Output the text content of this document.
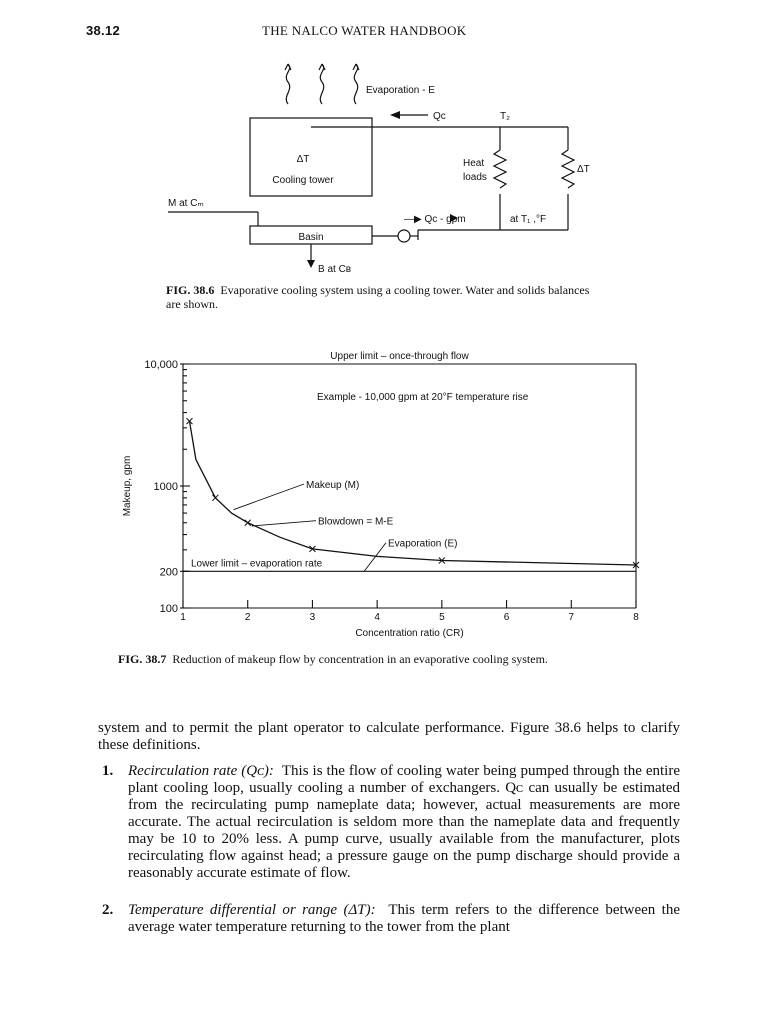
38.12	THE NALCO WATER HANDBOOK
Evaporation - E
Qᴄ	T₂
ΔT
Cooling tower
Heat
loads
ΔT
M at Cₘ
—▶ Qᴄ - gpm	at T₁ ,°F
Basin
B at Cʙ
FIG. 38.6 Evaporative cooling system using a cooling tower. Water and solids balances are shown.
1	2	3	4	5	6	7	8
100
200
1000
10,000
Concentration ratio (CR)
Makeup, gpm
Upper limit – once-through flow
Lower limit – evaporation rate
Example - 10,000 gpm at 20°F temperature rise
Makeup (M)
Blowdown = M-E
Evaporation (E)
FIG. 38.7 Reduction of makeup flow by concentration in an evaporative cooling system.
system and to permit the plant operator to calculate performance. Figure 38.6 helps to clarify these definitions.
1. Recirculation rate (Qᴄ): This is the flow of cooling water being pumped through the entire plant cooling loop, usually cooling a number of exchangers. Qᴄ can usually be estimated from the recirculating pump nameplate data; however, actual measurements are more accurate. The actual recirculation is seldom more than the nameplate data and frequently may be 10 to 20% less. A pump curve, usually available from the manufacturer, plots recirculating flow against head; a pressure gauge on the pump discharge should provide a reasonably accurate estimate of flow.
2. Temperature differential or range (ΔT): This term refers to the difference between the average water temperature returning to the tower from the plant
